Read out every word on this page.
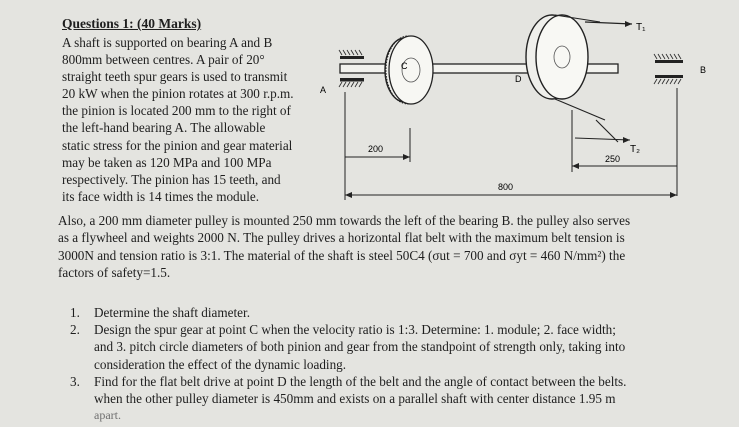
Questions 1: (40 Marks)
A shaft is supported on bearing A and B
800mm between centres. A pair of 20°
straight teeth spur gears is used to transmit
20 kW when the pinion rotates at 300 r.p.m.
the pinion is located 200 mm to the right of
the left-hand bearing A. The allowable
static stress for the pinion and gear material
may be taken as 120 MPa and 100 MPa
respectively. The pinion has 15 teeth, and
its face width is 14 times the module.
A
C
D
T₁
T₂
B
200
250
800
Also, a 200 mm diameter pulley is mounted 250 mm towards the left of the bearing B. the pulley also serves
as a flywheel and weights 2000 N. The pulley drives a horizontal flat belt with the maximum belt tension is
3000N and tension ratio is 3:1. The material of the shaft is steel 50C4 (σut = 700 and σyt = 460 N/mm²) the
factors of safety=1.5.
1. Determine the shaft diameter.
2. Design the spur gear at point C when the velocity ratio is 1:3. Determine: 1. module; 2. face width;
and 3. pitch circle diameters of both pinion and gear from the standpoint of strength only, taking into
consideration the effect of the dynamic loading.
3. Find for the flat belt drive at point D the length of the belt and the angle of contact between the belts.
when the other pulley diameter is 450mm and exists on a parallel shaft with center distance 1.95 m
apart.
